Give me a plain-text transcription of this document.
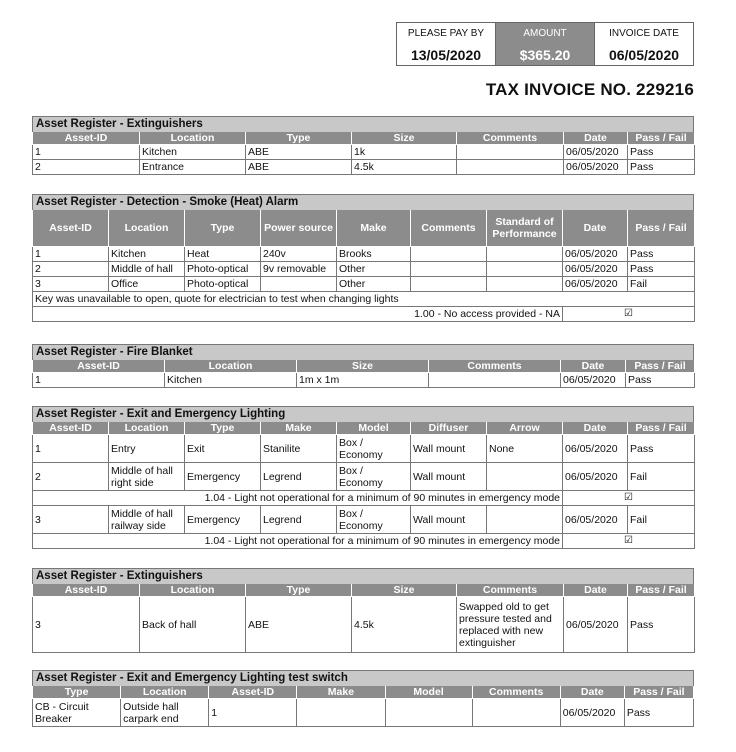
PLEASE PAY BY
13/05/2020
AMOUNT
$365.20
INVOICE DATE
06/05/2020
TAX INVOICE NO. 229216
Asset Register - Extinguishers
Asset-ID	Location	Type	Size	Comments	Date	Pass / Fail
1	Kitchen	ABE	1k		06/05/2020	Pass
2	Entrance	ABE	4.5k		06/05/2020	Pass
Asset Register - Detection - Smoke (Heat) Alarm
Asset-ID	Location	Type	Power source	Make	Comments	Standard of Performance	Date	Pass / Fail
1	Kitchen	Heat	240v	Brooks			06/05/2020	Pass
2	Middle of hall	Photo-optical	9v removable	Other			06/05/2020	Pass
3	Office	Photo-optical		Other			06/05/2020	Fail
Key was unavailable to open, quote for electrician to test when changing lights								
1.00 - No access provided - NA							☑	
Asset Register - Fire Blanket
Asset-ID	Location	Size	Comments	Date	Pass / Fail
1	Kitchen	1m x 1m		06/05/2020	Pass
Asset Register - Exit and Emergency Lighting
Asset-ID	Location	Type	Make	Model	Diffuser	Arrow	Date	Pass / Fail
1	Entry	Exit	Stanilite	Box / Economy	Wall mount	None	06/05/2020	Pass
2	Middle of hall right side	Emergency	Legrend	Box / Economy	Wall mount		06/05/2020	Fail
1.04 - Light not operational for a minimum of 90 minutes in emergency mode							☑	
3	Middle of hall railway side	Emergency	Legrend	Box / Economy	Wall mount		06/05/2020	Fail
1.04 - Light not operational for a minimum of 90 minutes in emergency mode							☑	
Asset Register - Extinguishers
Asset-ID	Location	Type	Size	Comments	Date	Pass / Fail
3	Back of hall	ABE	4.5k	Swapped old to get pressure tested and replaced with new extinguisher	06/05/2020	Pass
Asset Register - Exit and Emergency Lighting test switch
Type	Location	Asset-ID	Make	Model	Comments	Date	Pass / Fail
CB - Circuit Breaker	Outside hall carpark end	1				06/05/2020	Pass
